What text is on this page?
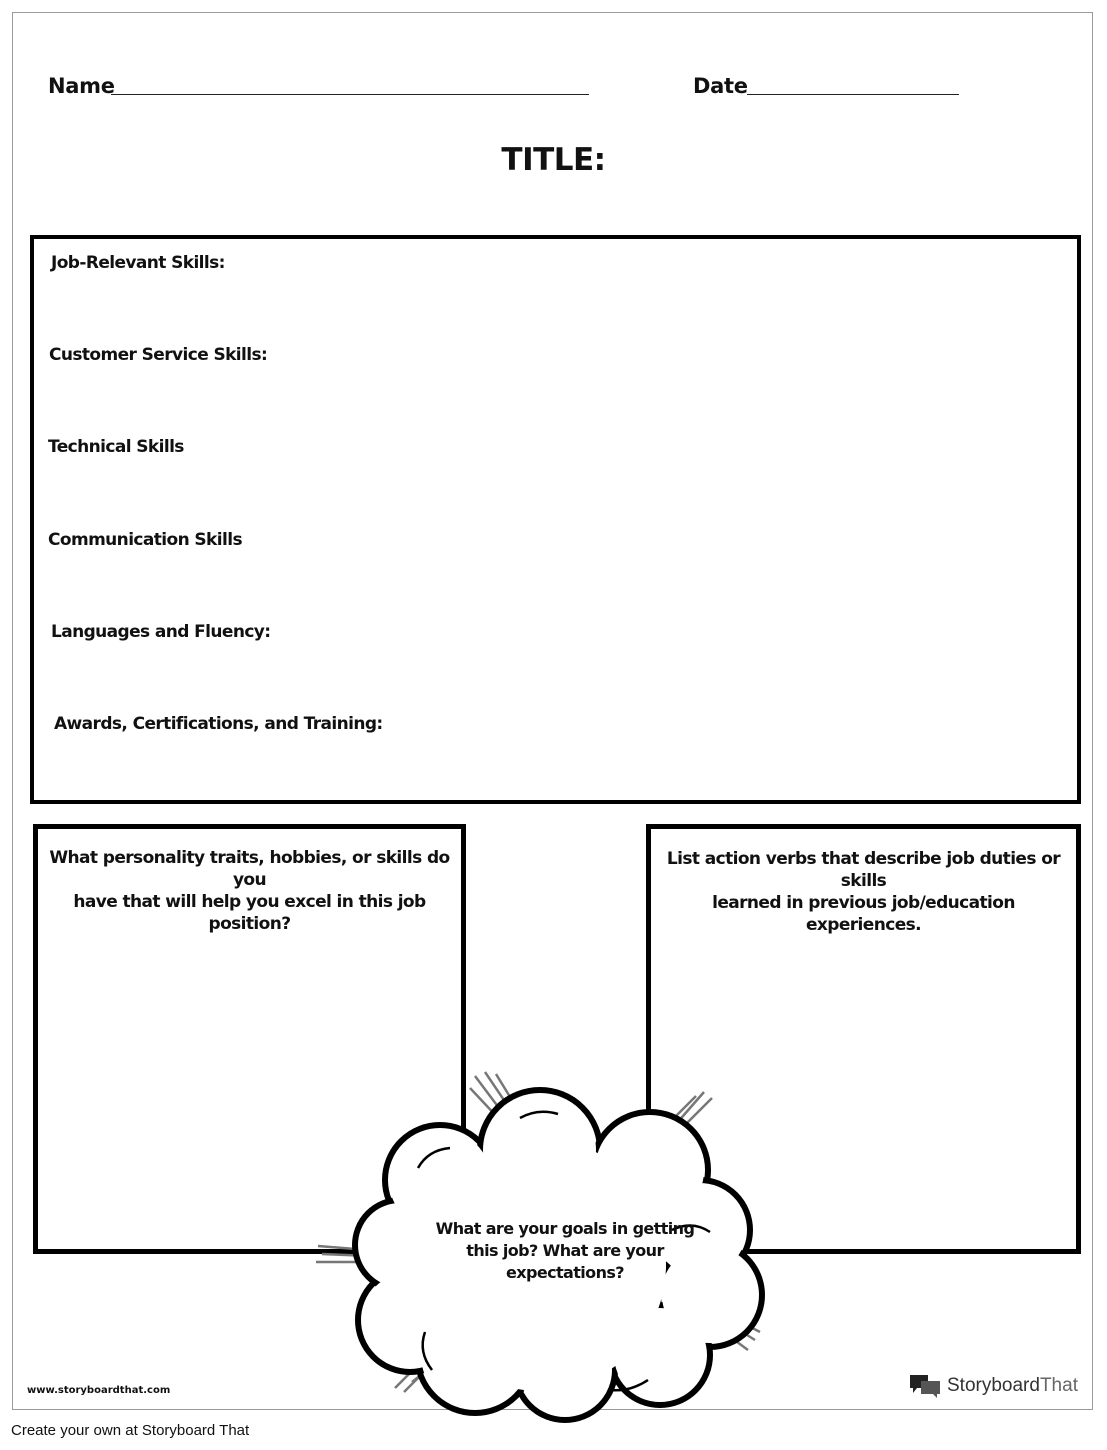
Name	Date
TITLE:
Job-Relevant Skills:
Customer Service Skills:
Technical Skills
Communication Skills
Languages and Fluency:
Awards, Certifications, and Training:
What personality traits, hobbies, or skills do you
have that will help you excel in this job position?
List action verbs that describe job duties or skills
learned in previous job/education experiences.
What are your goals in getting
this job? What are your
expectations?
www.storyboardthat.com	StoryboardThat
Create your own at Storyboard That
